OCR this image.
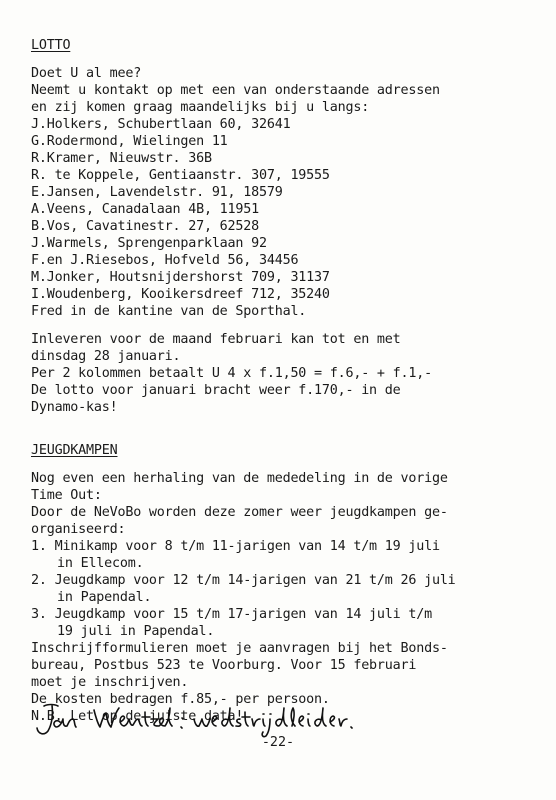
LOTTO
Doet U al mee?
Neemt u kontakt op met een van onderstaande adressen
en zij komen graag maandelijks bij u langs:
J.Holkers, Schubertlaan 60, 32641
G.Rodermond, Wielingen 11
R.Kramer, Nieuwstr. 36B
R. te Koppele, Gentiaanstr. 307, 19555
E.Jansen, Lavendelstr. 91, 18579
A.Veens, Canadalaan 4B, 11951
B.Vos, Cavatinestr. 27, 62528
J.Warmels, Sprengenparklaan 92
F.en J.Riesebos, Hofveld 56, 34456
M.Jonker, Houtsnijdershorst 709, 31137
I.Woudenberg, Kooikersdreef 712, 35240
Fred in de kantine van de Sporthal.
Inleveren voor de maand februari kan tot en met
dinsdag 28 januari.
Per 2 kolommen betaalt U 4 x f.1,50 = f.6,- + f.1,-
De lotto voor januari bracht weer f.170,- in de
Dynamo-kas!
JEUGDKAMPEN
Nog even een herhaling van de mededeling in de vorige
Time Out:
Door de NeVoBo worden deze zomer weer jeugdkampen ge-
organiseerd:
1. Minikamp voor 8 t/m 11-jarigen van 14 t/m 19 juli
in Ellecom.
2. Jeugdkamp voor 12 t/m 14-jarigen van 21 t/m 26 juli
in Papendal.
3. Jeugdkamp voor 15 t/m 17-jarigen van 14 juli t/m
19 juli in Papendal.
Inschrijfformulieren moet je aanvragen bij het Bonds-
bureau, Postbus 523 te Voorburg. Voor 15 februari
moet je inschrijven.
De kosten bedragen f.85,- per persoon.
N.B. Let op de juiste data!
-22-
